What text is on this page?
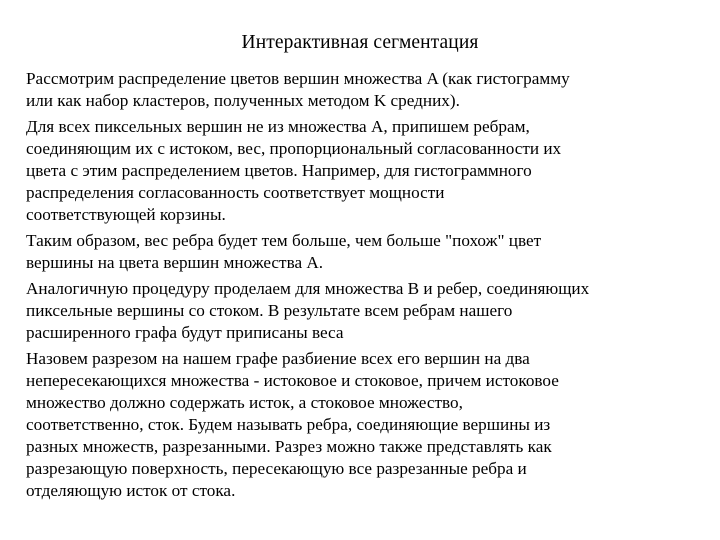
Интерактивная сегментация

Рассмотрим распределение цветов вершин множества A (как гистограмму
или как набор кластеров, полученных методом K средних).

Для всех пиксельных вершин не из множества A, припишем ребрам,
соединяющим их с истоком, вес, пропорциональный согласованности их
цвета с этим распределением цветов. Например, для гистограммного
распределения согласованность соответствует мощности
соответствующей корзины.

Таким образом, вес ребра будет тем больше, чем больше "похож" цвет
вершины на цвета вершин множества A.

Аналогичную процедуру проделаем для множества B и ребер, соединяющих
пиксельные вершины со стоком. В результате всем ребрам нашего
расширенного графа будут приписаны веса

Назовем разрезом на нашем графе разбиение всех его вершин на два
непересекающихся множества - истоковое и стоковое, причем истоковое
множество должно содержать исток, а стоковое множество,
соответственно, сток. Будем называть ребра, соединяющие вершины из
разных множеств, разрезанными. Разрез можно также представлять как
разрезающую поверхность, пересекающую все разрезанные ребра и
отделяющую исток от стока.
